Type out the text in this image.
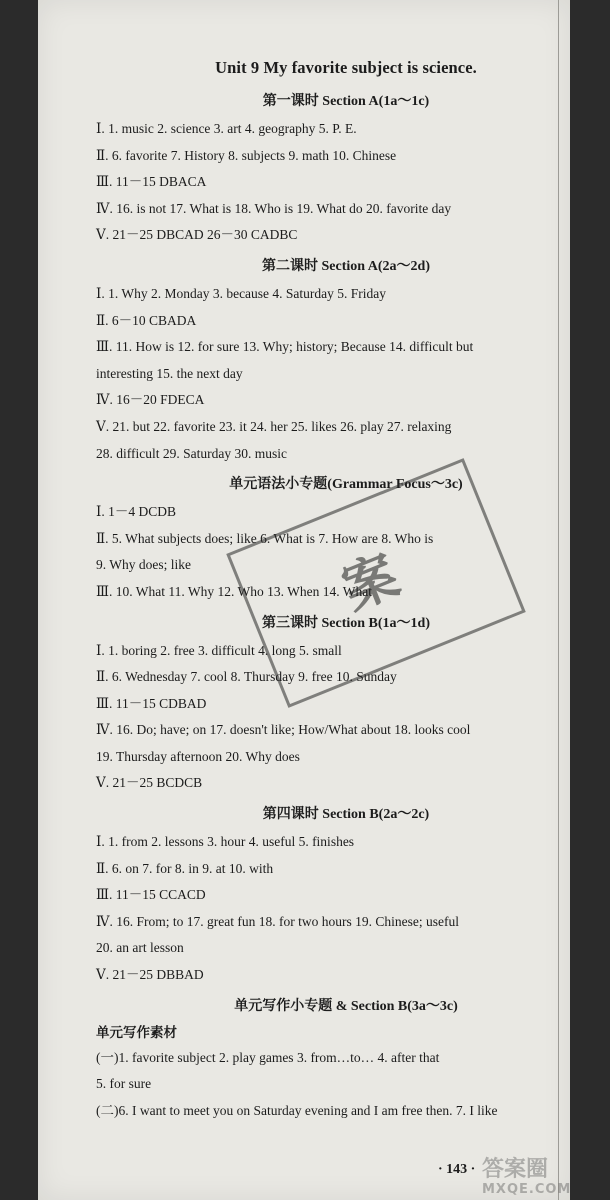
Unit 9 My favorite subject is science.
第一课时 Section A(1a～1c)
Ⅰ. 1. music 2. science 3. art 4. geography 5. P. E.
Ⅱ. 6. favorite 7. History 8. subjects 9. math 10. Chinese
Ⅲ. 11－15 DBACA
Ⅳ. 16. is not 17. What is 18. Who is 19. What do 20. favorite day
Ⅴ. 21－25 DBCAD 26－30 CADBC
第二课时 Section A(2a～2d)
Ⅰ. 1. Why 2. Monday 3. because 4. Saturday 5. Friday
Ⅱ. 6－10 CBADA
Ⅲ. 11. How is 12. for sure 13. Why; history; Because 14. difficult but
interesting 15. the next day
Ⅳ. 16－20 FDECA
Ⅴ. 21. but 22. favorite 23. it 24. her 25. likes 26. play 27. relaxing
28. difficult 29. Saturday 30. music
单元语法小专题(Grammar Focus～3c)
Ⅰ. 1－4 DCDB
Ⅱ. 5. What subjects does; like 6. What is 7. How are 8. Who is
9. Why does; like
Ⅲ. 10. What 11. Why 12. Who 13. When 14. What
第三课时 Section B(1a～1d)
Ⅰ. 1. boring 2. free 3. difficult 4. long 5. small
Ⅱ. 6. Wednesday 7. cool 8. Thursday 9. free 10. Sunday
Ⅲ. 11－15 CDBAD
Ⅳ. 16. Do; have; on 17. doesn't like; How/What about 18. looks cool
19. Thursday afternoon 20. Why does
Ⅴ. 21－25 BCDCB
第四课时 Section B(2a～2c)
Ⅰ. 1. from 2. lessons 3. hour 4. useful 5. finishes
Ⅱ. 6. on 7. for 8. in 9. at 10. with
Ⅲ. 11－15 CCACD
Ⅳ. 16. From; to 17. great fun 18. for two hours 19. Chinese; useful
20. an art lesson
Ⅴ. 21－25 DBBAD
单元写作小专题 & Section B(3a～3c)
单元写作素材
(一)1. favorite subject 2. play games 3. from…to… 4. after that
5. for sure
(二)6. I want to meet you on Saturday evening and I am free then. 7. I like
· 143 ·
案
答案圈
MXQE.COM
